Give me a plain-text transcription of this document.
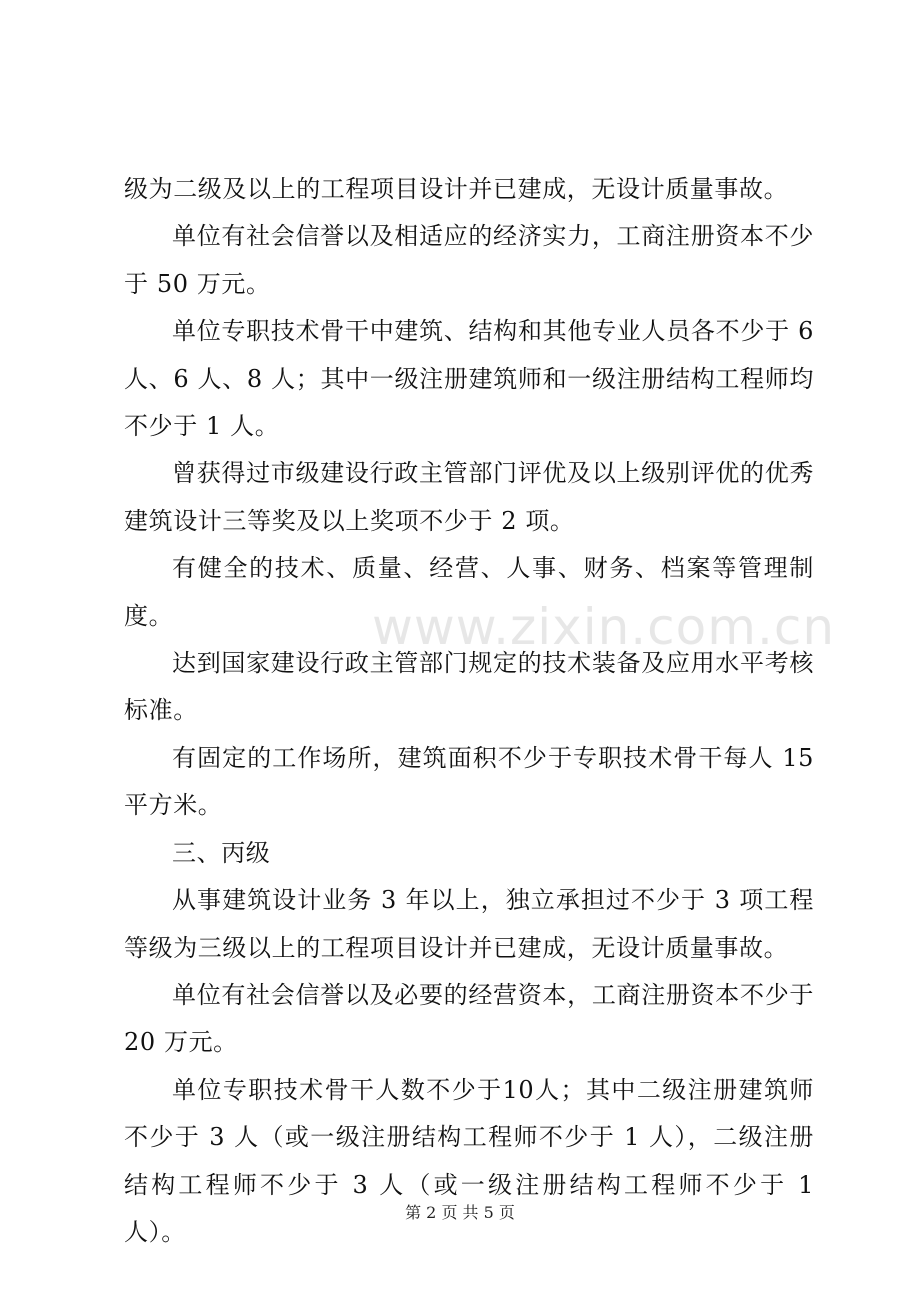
级为二级及以上的工程项目设计并已建成，无设计质量事故。

单位有社会信誉以及相适应的经济实力，工商注册资本不少于 50 万元。

单位专职技术骨干中建筑、结构和其他专业人员各不少于 6 人、6 人、8 人；其中一级注册建筑师和一级注册结构工程师均不少于 1 人。

曾获得过市级建设行政主管部门评优及以上级别评优的优秀建筑设计三等奖及以上奖项不少于 2 项。

有健全的技术、质量、经营、人事、财务、档案等管理制度。

达到国家建设行政主管部门规定的技术装备及应用水平考核标准。

有固定的工作场所，建筑面积不少于专职技术骨干每人 15 平方米。

三、丙级

从事建筑设计业务 3 年以上，独立承担过不少于 3 项工程等级为三级以上的工程项目设计并已建成，无设计质量事故。

单位有社会信誉以及必要的经营资本，工商注册资本不少于 20 万元。

单位专职技术骨干人数不少于10人；其中二级注册建筑师不少于 3 人（或一级注册结构工程师不少于 1 人），二级注册结构工程师不少于 3 人（或一级注册结构工程师不少于 1 人）。

www.zixin.com.cn
第 2 页 共 5 页
